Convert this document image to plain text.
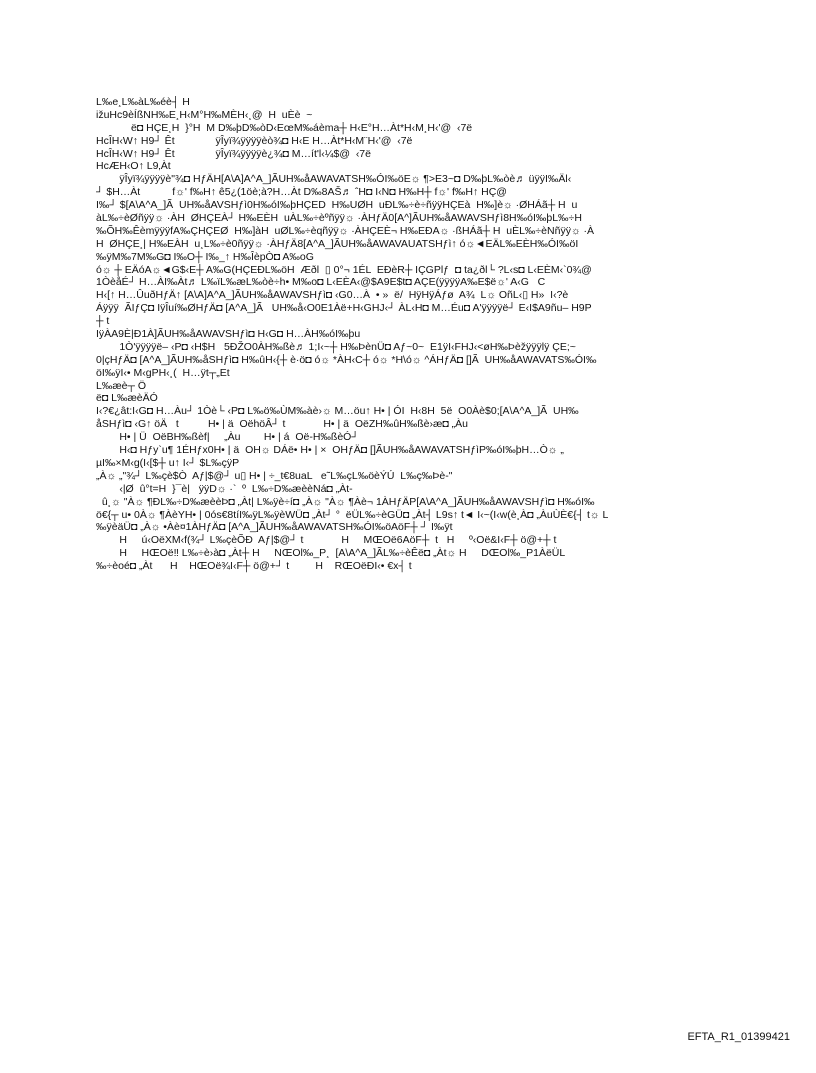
L‰e¸L‰àL‰éè┤ H
ižuHc9èÍßNH‰E¸H‹M°H‰MÈH‹¸@  H  uÈè  ~
ë◘ HÇE¸H  }°H  M D‰þD‰òD‹EœM‰áèma┼ H‹E°H…Àt*H‹M¸H‹'@  ‹7ë
HcÎH‹W↑ H9┘ Êt              ÿÎyï¾ÿÿÿÿèò¾◘ H‹E H…Àt*H‹M¨H‹'@  ‹7ë
HcÎH‹W↑ H9┘ Êt              ÿÎyï¾ÿÿÿÿè¿¾◘ M…ít'l‹¼$@  ‹7ë
HcÆH‹O↑ L9‚Àt
ÿÎyï¾ÿÿÿÿè"¾◘ HƒÄH[A\A]A^A_]ÃUH‰åAWAVATSH‰ÓI‰öE☼ ¶>E3~◘ D‰þL‰òè♬ üÿÿI‰Äl‹
┘ $H…Àt           f☼' f‰H↑ ê5¿(1öè;à?H…Àt D‰8AŠ♬ ˆH◘ I‹N◘ H‰H┼ f☼' f‰H↑ HÇ@
I‰┘ $[A\A^A_]Ã  UH‰åAVSHƒì0H‰óI‰þHÇED  H‰UØH  uÐL‰÷è÷ñÿÿHÇEà  H‰]è☼ ·ØHÁã┼ H  u
àL‰÷èØñÿÿ☼ ·ÀH  ØHÇEÀ┘ H‰EÈH  uÀL‰÷èºñÿÿ☼ ·ÀHƒÄ0[A^]ÃUH‰åAWAVSHƒì8H‰óI‰þL‰÷H
‰ÕH‰ÊèmÿÿÿfA‰ÇHÇEØ  H‰]àH  uØL‰÷èqñÿÿ☼ ·ÀHÇEÈ¬ H‰EÐA☼ ·ßHÁã┼ H  uÈL‰÷èNñÿÿ☼ ·À
H  ØHÇE¸| H‰EÀH  u¸L‰÷è0ñÿÿ☼ ·ÀHƒÄ8[A^A_]ÃUH‰åAWAVAUATSHƒì↑ ó☼◄EÄL‰EÈH‰ÓI‰öI
‰ÿM‰7M‰G◘ I‰O┼ I‰_↑ H‰ÎèpÒ◘ A‰oG
ó☼ ┼ EÄóA☼◄G$‹E┼ A‰G(HÇEÐL‰öH  Æðl  ▯ 0°¬ 1ÉL  EÐèR┼ IÇGPlƒ  ◘ ta¿ðl└ ?L‹s◘ L‹EÈM‹`0¾@
1ÒèåÉ┘ H…ÀI‰Àt♬ L‰ïL‰æL‰òè÷h• M‰o◘ L‹EÈA‹@$A9E$t◘ AÇE(ÿÿÿÿA‰E$ë☼' A‹G   C
H‹[↑ H…ÛuðHƒÄ↑ [A\A]A^A_]ÃUH‰åAWAVSHƒì◘ ‹G0…À  • »  ë/  HÿHÿÁƒø  A¾  L☼ OñL‹▯ H»  I‹?è
Áÿÿÿ  ÃIƒÇ◘ IÿÎuí‰ØHƒÄ◘ [A^A_]Ã   UH‰å‹O0E1Àë+H‹GHJ‹┘ ÀL‹H◘ M…Éu◘ A'ÿÿÿÿë┘ E‹I$A9ñu– H9P
┼ t
IÿÀA9È|Ð1À]ÃUH‰åAWAVSHƒì◘ H‹G◘ H…ÀH‰óI‰þu
1Ò'ÿÿÿÿë– ‹P◘ ‹H$H   5ÐŽO0ÀH‰ßè♬ 1;I‹~┼ H‰ÞènÜ◘ Aƒ~0~  E1ÿI‹FHJ‹<øH‰Þèžÿÿÿlÿ ÇE;~
0|çHƒÄ◘ [A^A_]ÃUH‰åSHƒì◘ H‰ûH‹{┼ è·ö◘ ó☼ *ÀH‹C┼ ó☼ *H\ó☼ ^ÁHƒÄ◘ []Ã  UH‰åAWAVATS‰ÓI‰
öI‰ÿI‹• M‹gPH‹¸(  H…ÿt┬„Et
L‰æè┬ Ö
ë◘ L‰æèÄÓ
I‹?€¿ât:I‹G◘ H…Àu┘ 1Òè└ ‹P◘ L‰ö‰ÙM‰àè›☼ M…öu↑ H• | ÓI  H‹8H  5ë  O0Àè$0;[A\A^A_]Ã  UH‰
åSHƒì◘ ‹G↑ öÄ   t          H• | ä  OëhöÂ┘ t             H• | ä  OëZH‰ûH‰ßè›æ◘ „Àu
H• | Ü  OëBH‰ßèf|     „Àu        H• | á  Oë-H‰ßèÓ┘
H‹◘ Hƒy`u¶ 1ÉHƒx0H• | ä  OH☼ DÁë• H• | ×  OHƒÄ◘ []ÃUH‰åAWAVATSHƒìP‰óI‰þH…Ò☼ „
µI‰×M‹g(I‹[$┼ u↑ I‹┘ $L‰çÿP
„À☼ „"¾┘ L‰çè$Ò  Aƒ|$@┘ u▯ H• | ÷_t€8uaL   e˜L‰çL‰öèÝÚ  L‰ç‰Þè-"
‹|Ø  û°t=H  }¯è|   ÿÿD☼ ·`  º  L‰÷D‰æèèNá◘ „Àt-
û¸☼ "À☼ ¶ÐL‰÷D‰æèèÞ◘ „Àt| L‰ÿè÷í◘ „À☼ "À☼ ¶Àè¬ 1ÀHƒÄP[A\A^A_]ÃUH‰åAWAVSHƒì◘ H‰óI‰
ö€{┬ u• 0À☼ ¶ÀèYH• | 0ós€8tíI‰ÿL‰ÿèWÜ◘ „Àt┘ °  ëÜL‰÷èGÜ◘ „Àt┤ L9s↑ t◄ I‹~(I‹w(è¸À◘ „ÀuÙÈ€{┤ t☼ L
‰ÿèäÜ◘ „À☼ •Àè¤1ÀHƒÄ◘ [A^A_]ÃUH‰åAWAVATSH‰ÓI‰öAöF┼ ┘ I‰ÿt
H     ú‹OëXM‹f(¾┘ L‰çèÕÐ  Aƒ|$@┘ t             H     MŒOë6AöF┼  t   H     º‹Oë&I‹F┼ ö@+┼ t
H     HŒOë‼ L‰÷è›à◘ „Àt┼ H     NŒOl‰_P¸  [A\A^A_]ÃL‰÷èÊë◘ „Àt☼ H     DŒOl‰_P1ÀëÜL
‰÷èoé◘ „Àt      H    HŒOë¾I‹F┼ ö@+┘ t         H    RŒOëÐI‹• €x┤ t
EFTA_R1_01399421
